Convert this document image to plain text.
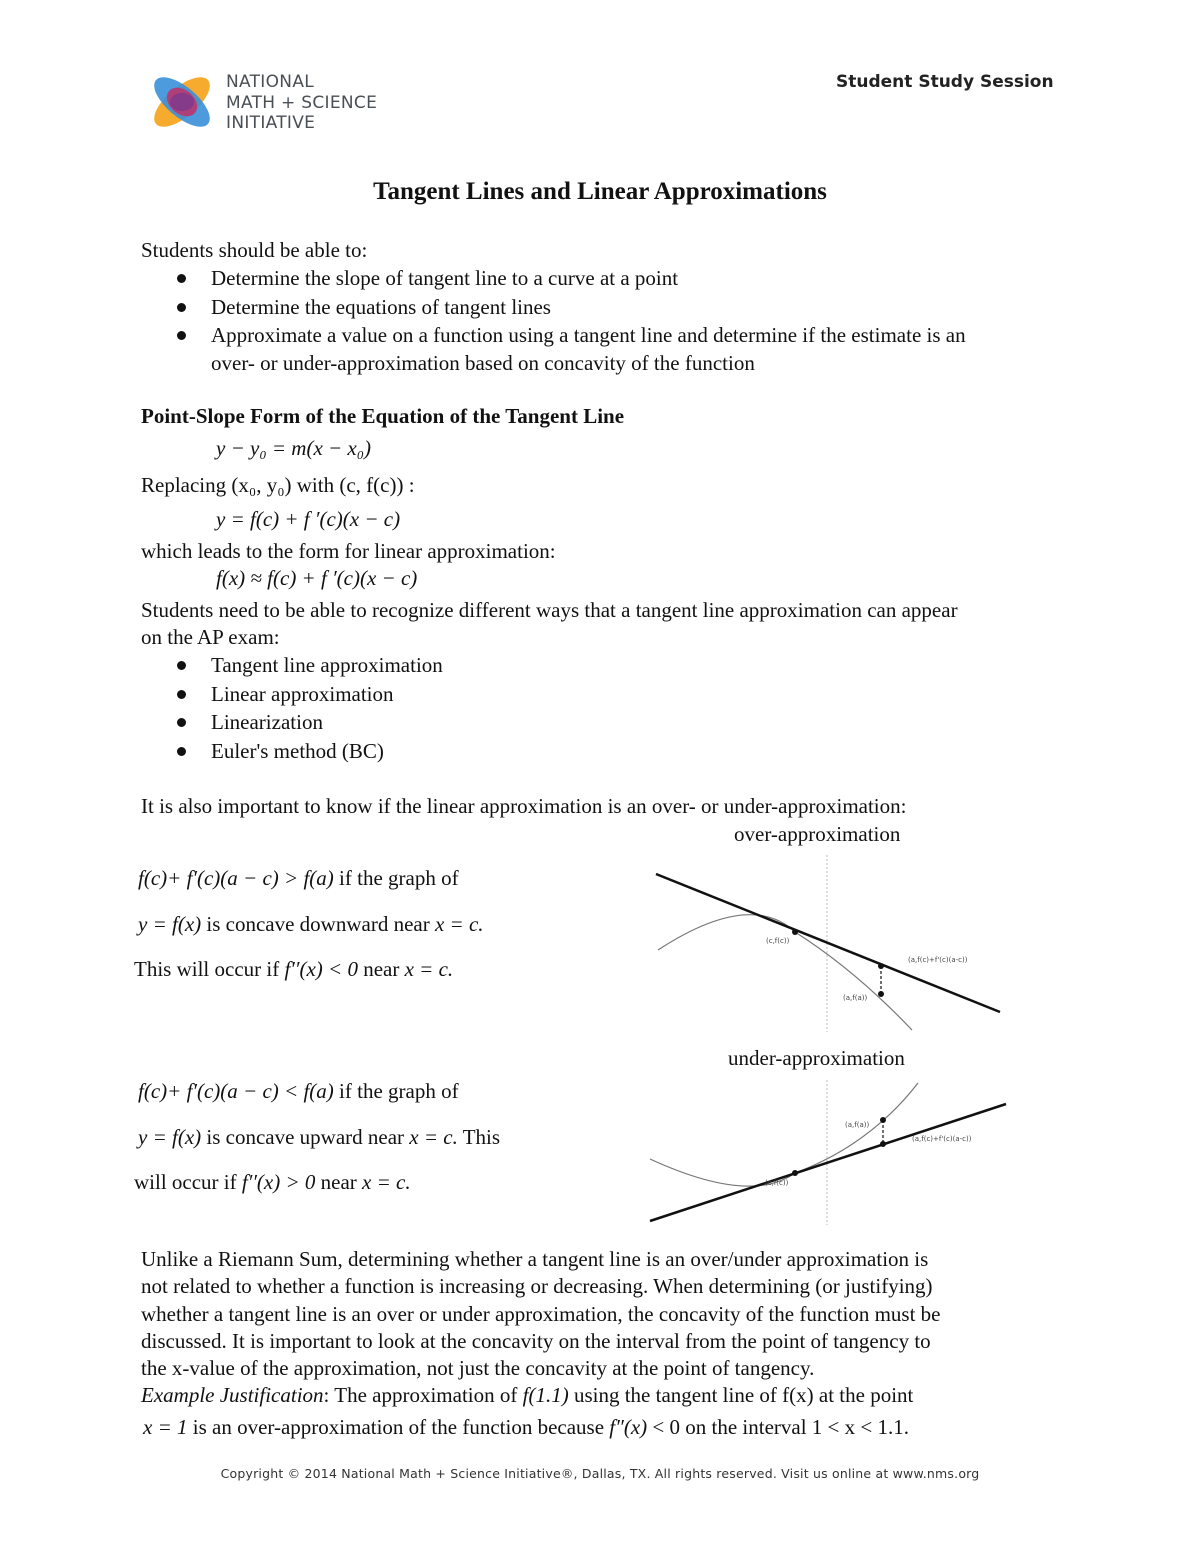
NATIONAL
MATH + SCIENCE
INITIATIVE
Student Study Session
Tangent Lines and Linear Approximations
Students should be able to:
Determine the slope of tangent line to a curve at a point
Determine the equations of tangent lines
Approximate a value on a function using a tangent line and determine if the estimate is an
over- or under-approximation based on concavity of the function
Point-Slope Form of the Equation of the Tangent Line
y − y₀ = m(x − x₀)
Replacing (x₀, y₀) with (c, f(c)) :
y = f(c) + f ′(c)(x − c)
which leads to the form for linear approximation:
f(x) ≈ f(c) + f ′(c)(x − c)
Students need to be able to recognize different ways that a tangent line approximation can appear
on the AP exam:
Tangent line approximation
Linear approximation
Linearization
Euler's method (BC)
It is also important to know if the linear approximation is an over- or under-approximation:
over-approximation
f(c)+ f′(c)(a − c) > f(a) if the graph of
y = f(x) is concave downward near x = c.
This will occur if f′′(x) < 0 near x = c.
(c,f(c))
(a,f(c)+f'(c)(a-c))
(a,f(a))
under-approximation
f(c)+ f′(c)(a − c) < f(a) if the graph of
y = f(x) is concave upward near x = c. This
will occur if f′′(x) > 0 near x = c.
(a,f(a))
(a,f(c)+f'(c)(a-c))
(c,f(c))
Unlike a Riemann Sum, determining whether a tangent line is an over/under approximation is
not related to whether a function is increasing or decreasing. When determining (or justifying)
whether a tangent line is an over or under approximation, the concavity of the function must be
discussed. It is important to look at the concavity on the interval from the point of tangency to
the x-value of the approximation, not just the concavity at the point of tangency.
Example Justification: The approximation of f(1.1) using the tangent line of f(x) at the point
x = 1 is an over-approximation of the function because f″(x) < 0 on the interval 1 < x < 1.1.
Copyright © 2014 National Math + Science Initiative®, Dallas, TX. All rights reserved. Visit us online at www.nms.org
